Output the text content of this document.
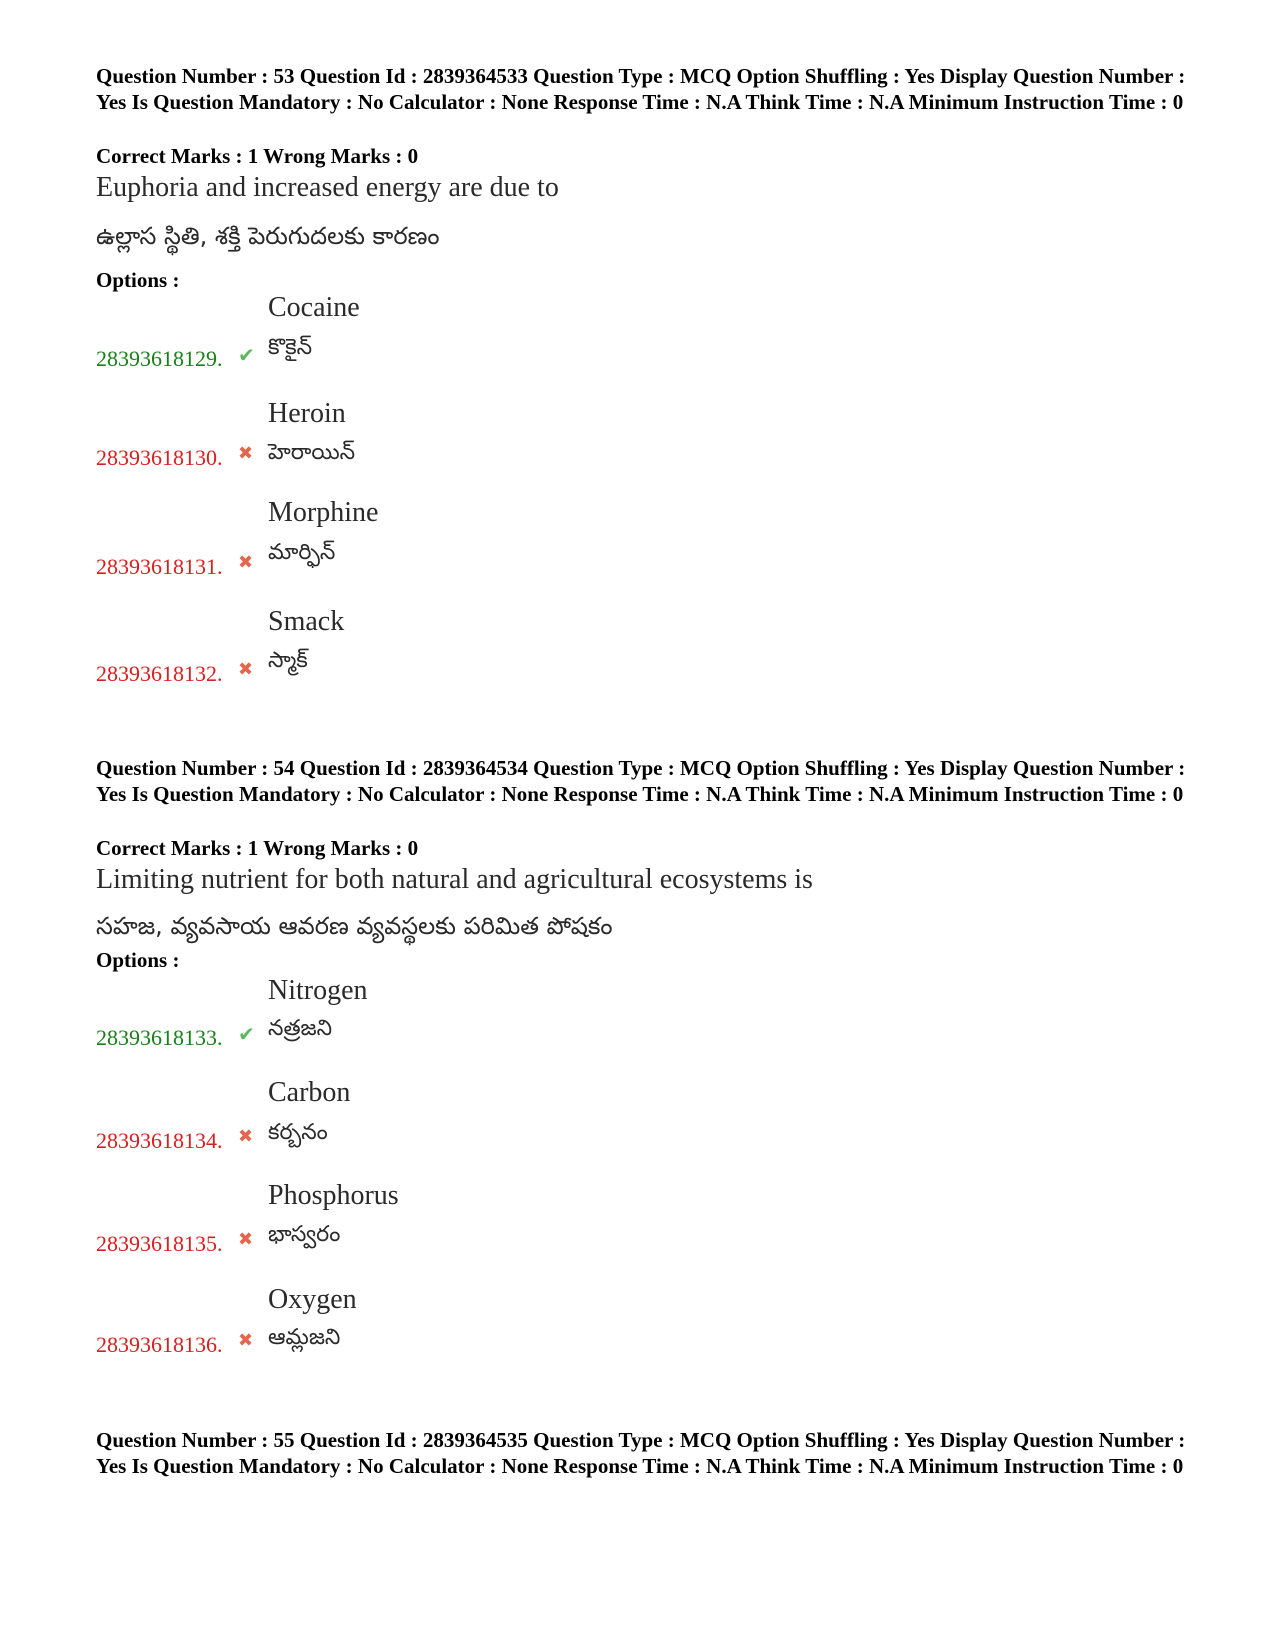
Question Number : 53 Question Id : 2839364533 Question Type : MCQ Option Shuffling : Yes Display Question Number : Yes Is Question Mandatory : No Calculator : None Response Time : N.A Think Time : N.A Minimum Instruction Time : 0
Correct Marks : 1 Wrong Marks : 0
Euphoria and increased energy are due to
ఉల్లాస స్థితి, శక్తి పెరుగుదలకు కారణం
Options :
Cocaine
కొకైన్
28393618129. ✔
Heroin
హెరాయిన్
28393618130. ✖
Morphine
మార్ఫిన్
28393618131. ✖
Smack
స్మాక్
28393618132. ✖
Question Number : 54 Question Id : 2839364534 Question Type : MCQ Option Shuffling : Yes Display Question Number : Yes Is Question Mandatory : No Calculator : None Response Time : N.A Think Time : N.A Minimum Instruction Time : 0
Correct Marks : 1 Wrong Marks : 0
Limiting nutrient for both natural and agricultural ecosystems is
సహజ, వ్యవసాయ ఆవరణ వ్యవస్థలకు పరిమిత పోషకం
Options :
Nitrogen
నత్రజని
28393618133. ✔
Carbon
కర్బనం
28393618134. ✖
Phosphorus
భాస్వరం
28393618135. ✖
Oxygen
ఆమ్లజని
28393618136. ✖
Question Number : 55 Question Id : 2839364535 Question Type : MCQ Option Shuffling : Yes Display Question Number : Yes Is Question Mandatory : No Calculator : None Response Time : N.A Think Time : N.A Minimum Instruction Time : 0
